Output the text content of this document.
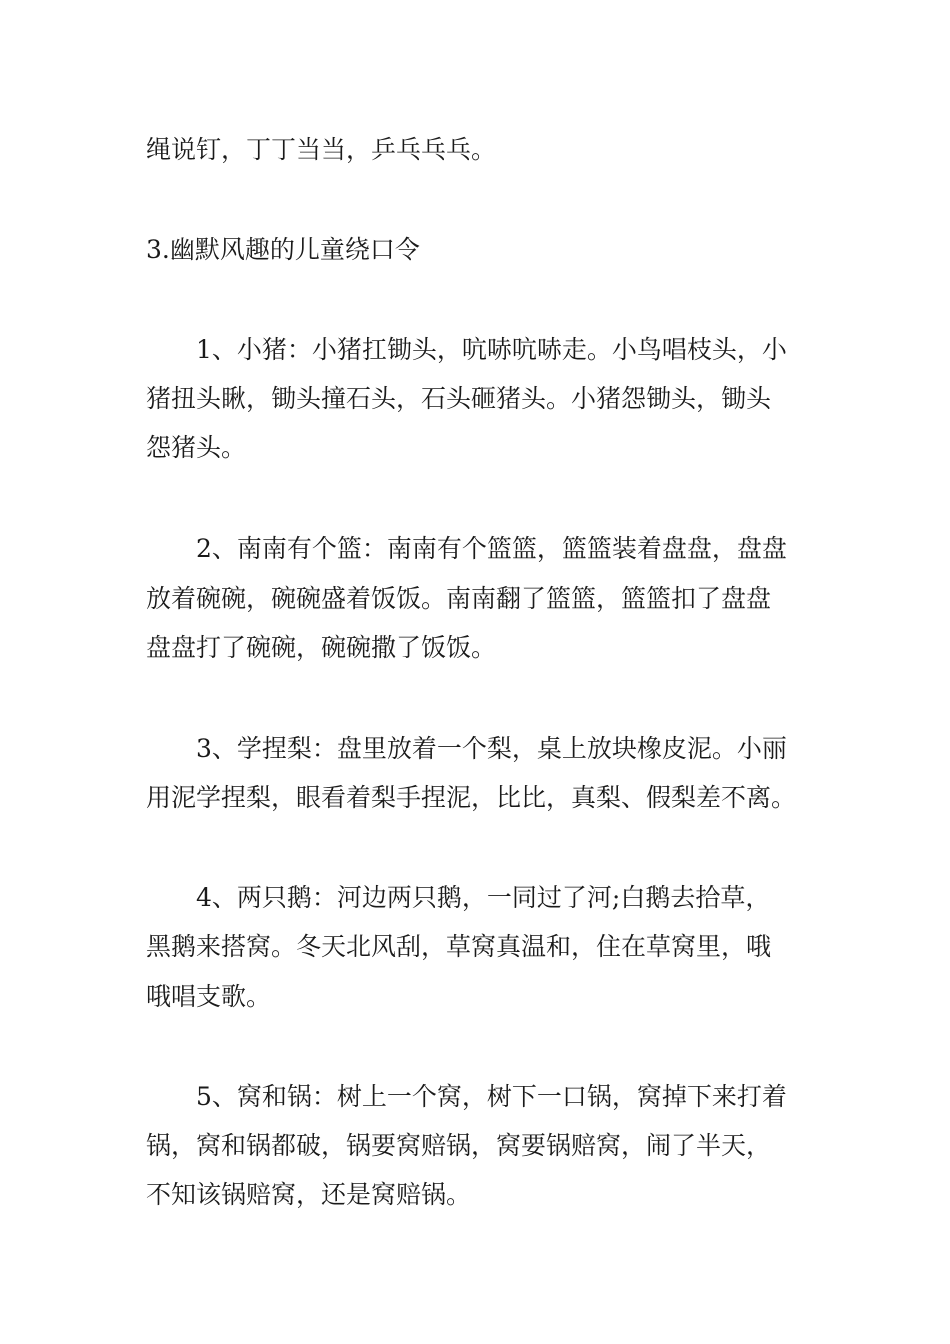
绳说钉，丁丁当当，乒乓乓乓。
3.幽默风趣的儿童绕口令
1、小猪：小猪扛锄头，吭哧吭哧走。小鸟唱枝头，小
猪扭头瞅，锄头撞石头，石头砸猪头。小猪怨锄头，锄头
怨猪头。
2、南南有个篮：南南有个篮篮，篮篮装着盘盘，盘盘
放着碗碗，碗碗盛着饭饭。南南翻了篮篮，篮篮扣了盘盘
盘盘打了碗碗，碗碗撒了饭饭。
3、学捏梨：盘里放着一个梨，桌上放块橡皮泥。小丽
用泥学捏梨，眼看着梨手捏泥，比比，真梨、假梨差不离。
4、两只鹅：河边两只鹅，一同过了河;白鹅去拾草，
黑鹅来搭窝。冬天北风刮，草窝真温和，住在草窝里，哦
哦唱支歌。
5、窝和锅：树上一个窝，树下一口锅，窝掉下来打着
锅，窝和锅都破，锅要窝赔锅，窝要锅赔窝，闹了半天，
不知该锅赔窝，还是窝赔锅。
